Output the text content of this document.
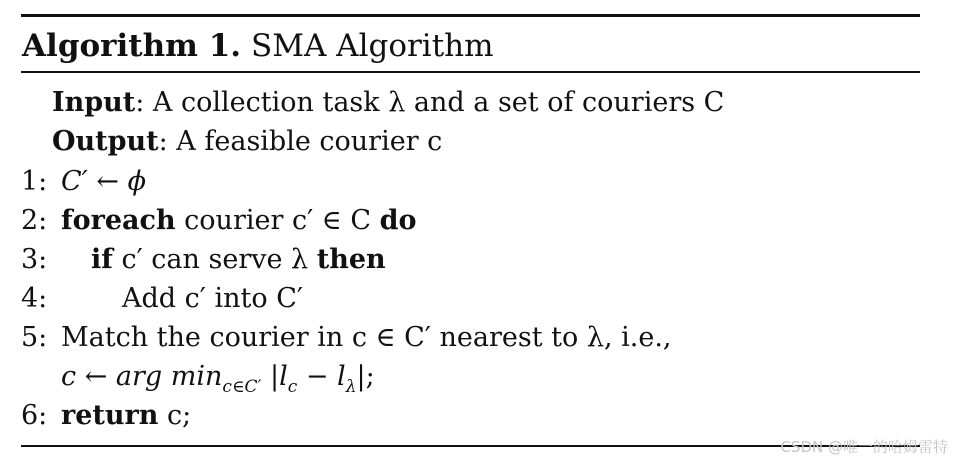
Algorithm 1. SMA Algorithm
Input: A collection task λ and a set of couriers C
Output: A feasible courier c
1: C′ ← ϕ
2: foreach courier c′ ∈ C do
3: if c′ can serve λ then
4:	Add c′ into C′
5: Match the courier in c ∈ C′ nearest to λ, i.e.,
c ← arg $\min_{c\in C'} |l_c - l_\lambda|$;
6: return c;
CSDN @唯一的哈姆雷特
